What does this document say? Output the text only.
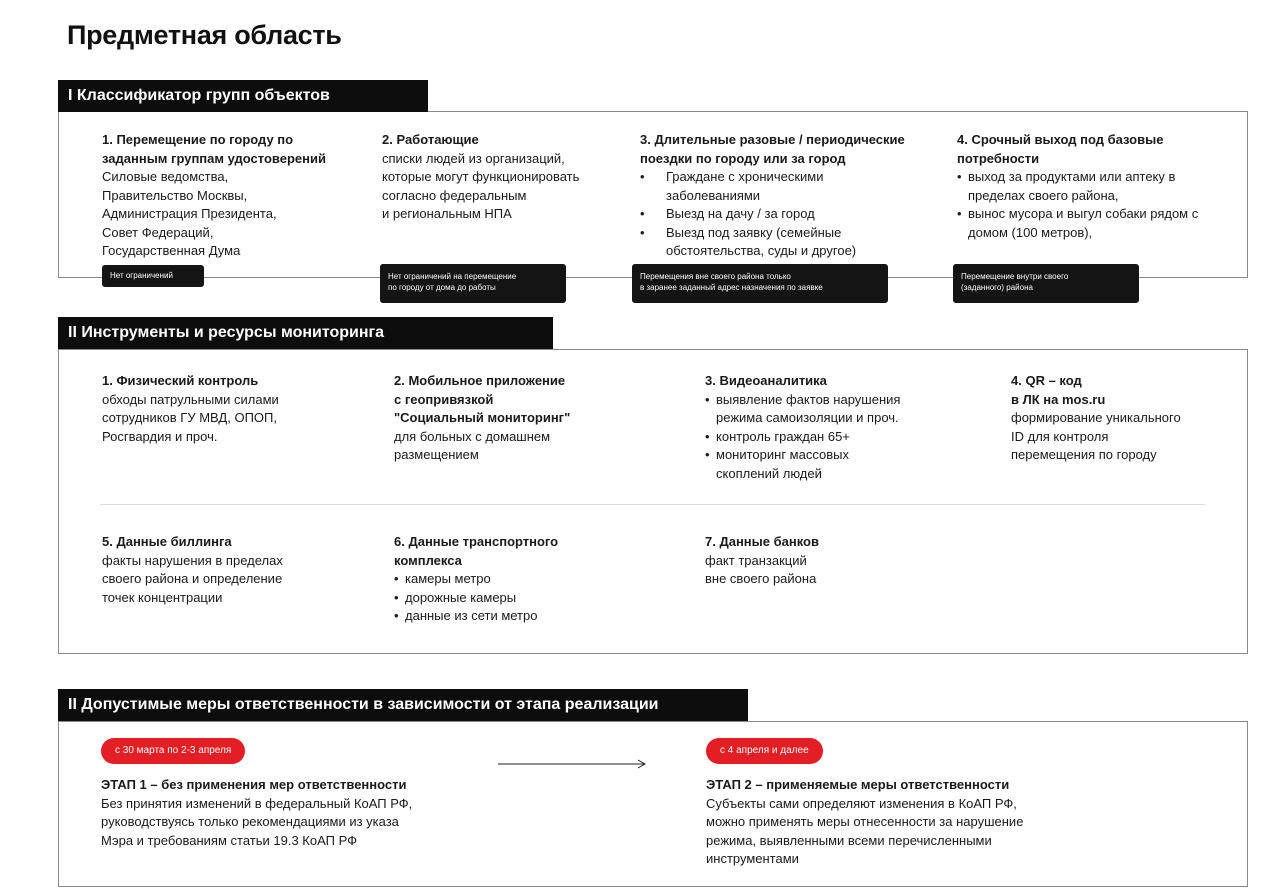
Предметная область
I Классификатор групп объектов
1. Перемещение по городу по
заданным группам удостоверений
Силовые ведомства,
Правительство Москвы,
Администрация Президента,
Совет Федераций,
Государственная Дума
2. Работающие
списки людей из организаций,
которые могут функционировать
согласно федеральным
и региональным НПА
3. Длительные разовые / периодические
поездки по городу или за город
• Граждане с хроническими заболеваниями
• Выезд на дачу / за город
• Выезд под заявку (семейные обстоятельства, суды и другое)
4. Срочный выход под базовые
потребности
• выход за продуктами или аптеку в пределах своего района,
• вынос мусора и выгул собаки рядом с домом (100 метров),
Нет ограничений	Нет ограничений на перемещение
по городу от дома до работы
Перемещения вне своего района только
в заранее заданный адрес назначения по заявке
Перемещение внутри своего
(заданного) района
II Инструменты и ресурсы мониторинга
1. Физический контроль
обходы патрульными силами
сотрудников ГУ МВД, ОПОП,
Росгвардия и проч.
2. Мобильное приложение
с геопривязкой
"Социальный мониторинг"
для больных с домашнем
размещением
3. Видеоаналитика
• выявление фактов нарушения режима самоизоляции и проч.
• контроль граждан 65+
• мониторинг массовых скоплений людей
4. QR – код
в ЛК на mos.ru
формирование уникального
ID для контроля
перемещения по городу
5. Данные биллинга
факты нарушения в пределах
своего района и определение
точек концентрации
6. Данные транспортного
комплекса
• камеры метро
• дорожные камеры
• данные из сети метро
7. Данные банков
факт транзакций
вне своего района
II Допустимые меры ответственности в зависимости от этапа реализации
с 30 марта по 2-3 апреля	с 4 апреля и далее
ЭТАП 1 – без применения мер ответственности
Без принятия изменений в федеральный КоАП РФ,
руководствуясь только рекомендациями из указа
Мэра и требованиям статьи 19.3 КоАП РФ
ЭТАП 2 – применяемые меры ответственности
Субъекты сами определяют изменения в КоАП РФ,
можно применять меры отнесенности за нарушение
режима, выявленными всеми перечисленными
инструментами
